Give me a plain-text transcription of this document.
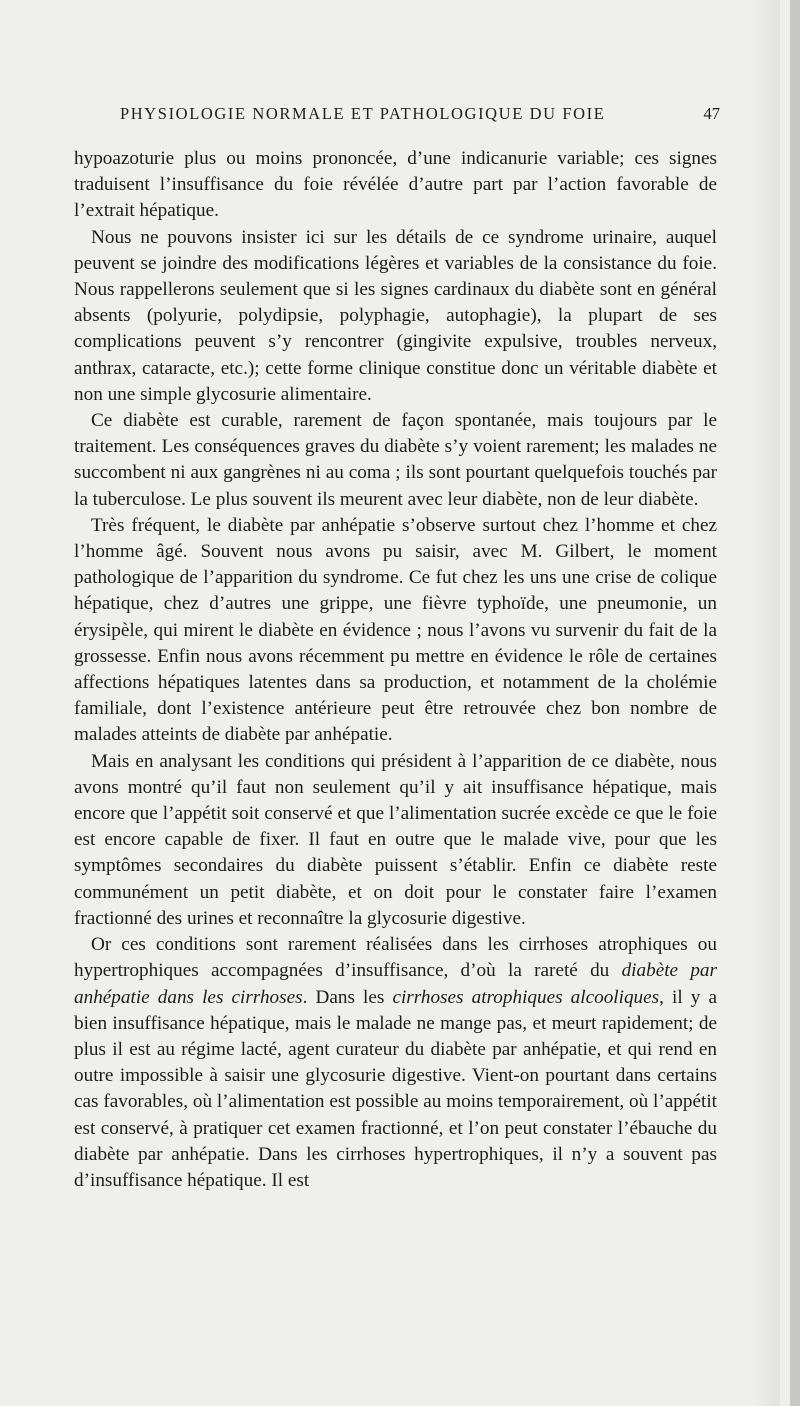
PHYSIOLOGIE NORMALE ET PATHOLOGIQUE DU FOIE	47

hypoazoturie plus ou moins prononcée, d’une indicanurie variable; ces signes traduisent l’insuffisance du foie révélée d’autre part par l’action favorable de l’extrait hépatique.

Nous ne pouvons insister ici sur les détails de ce syndrome urinaire, auquel peuvent se joindre des modifications légères et variables de la consistance du foie. Nous rappellerons seulement que si les signes cardinaux du diabète sont en général absents (polyurie, polydipsie, polyphagie, autophagie), la plupart de ses complications peuvent s’y rencontrer (gingivite expulsive, troubles nerveux, anthrax, cataracte, etc.); cette forme clinique constitue donc un véritable diabète et non une simple glycosurie alimentaire.

Ce diabète est curable, rarement de façon spontanée, mais toujours par le traitement. Les conséquences graves du diabète s’y voient rarement; les malades ne succombent ni aux gangrènes ni au coma ; ils sont pourtant quelquefois touchés par la tuberculose. Le plus souvent ils meurent avec leur diabète, non de leur diabète.

Très fréquent, le diabète par anhépatie s’observe surtout chez l’homme et chez l’homme âgé. Souvent nous avons pu saisir, avec M. Gilbert, le moment pathologique de l’apparition du syndrome. Ce fut chez les uns une crise de colique hépatique, chez d’autres une grippe, une fièvre typhoïde, une pneumonie, un érysipèle, qui mirent le diabète en évidence ; nous l’avons vu survenir du fait de la grossesse. Enfin nous avons récemment pu mettre en évidence le rôle de certaines affections hépatiques latentes dans sa production, et notamment de la cholémie familiale, dont l’existence antérieure peut être retrouvée chez bon nombre de malades atteints de diabète par anhépatie.

Mais en analysant les conditions qui président à l’apparition de ce diabète, nous avons montré qu’il faut non seulement qu’il y ait insuffisance hépatique, mais encore que l’appétit soit conservé et que l’alimentation sucrée excède ce que le foie est encore capable de fixer. Il faut en outre que le malade vive, pour que les symptômes secondaires du diabète puissent s’établir. Enfin ce diabète reste communément un petit diabète, et on doit pour le constater faire l’examen fractionné des urines et reconnaître la glycosurie digestive.

Or ces conditions sont rarement réalisées dans les cirrhoses atrophiques ou hypertrophiques accompagnées d’insuffisance, d’où la rareté du diabète par anhépatie dans les cirrhoses. Dans les cirrhoses atrophiques alcooliques, il y a bien insuffisance hépatique, mais le malade ne mange pas, et meurt rapidement; de plus il est au régime lacté, agent curateur du diabète par anhépatie, et qui rend en outre impossible à saisir une glycosurie digestive. Vient-on pourtant dans certains cas favorables, où l’alimentation est possible au moins temporairement, où l’appétit est conservé, à pratiquer cet examen fractionné, et l’on peut constater l’ébauche du diabète par anhépatie. Dans les cirrhoses hypertrophiques, il n’y a souvent pas d’insuffisance hépatique. Il est
